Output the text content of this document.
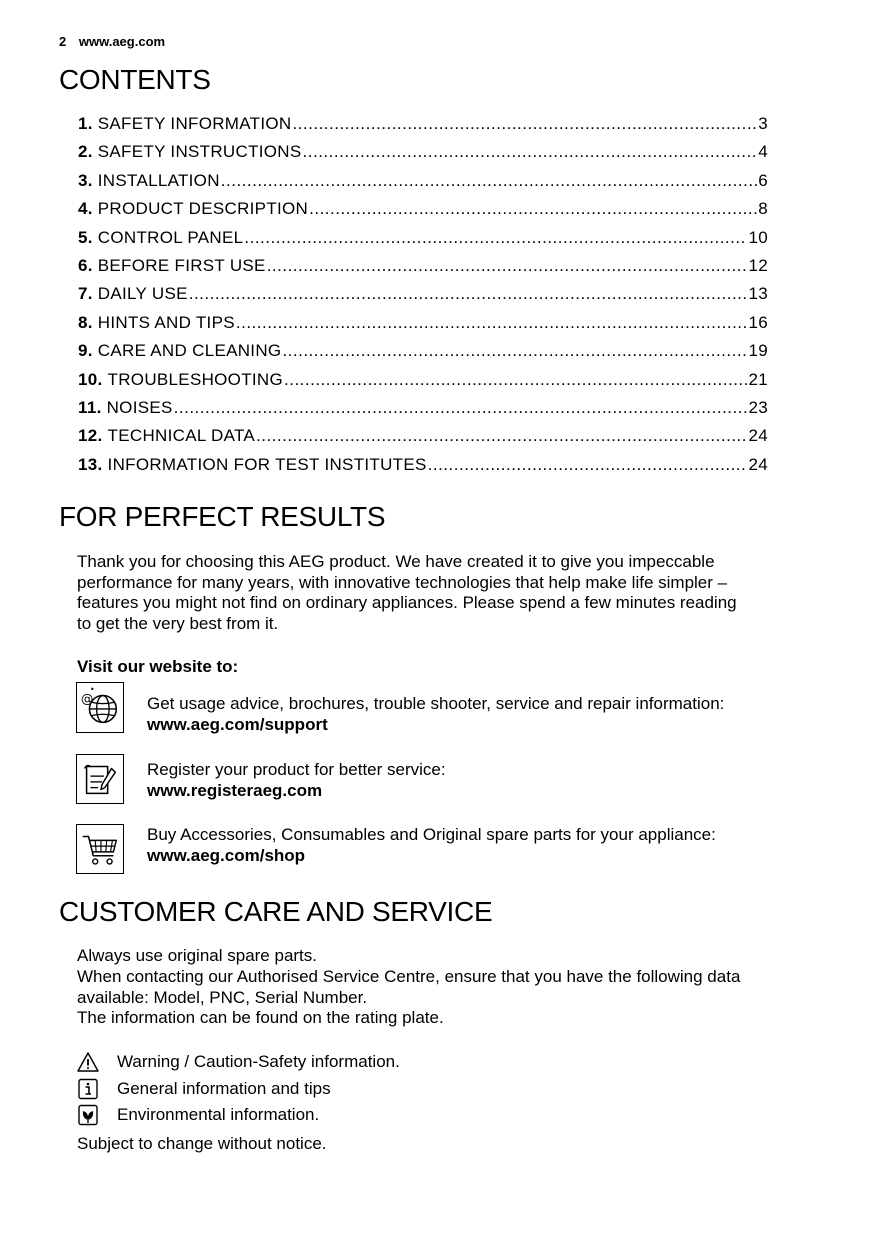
2 www.aeg.com
CONTENTS
1. SAFETY INFORMATION .....	3
2. SAFETY INSTRUCTIONS .....	4
3. INSTALLATION .....	6
4. PRODUCT DESCRIPTION .....	8
5. CONTROL PANEL .....	10
6. BEFORE FIRST USE .....	12
7. DAILY USE .....	13
8. HINTS AND TIPS .....	16
9. CARE AND CLEANING .....	19
10. TROUBLESHOOTING .....	21
11. NOISES .....	23
12. TECHNICAL DATA .....	24
13. INFORMATION FOR TEST INSTITUTES .....	24
FOR PERFECT RESULTS
Thank you for choosing this AEG product. We have created it to give you impeccable
performance for many years, with innovative technologies that help make life simpler –
features you might not find on ordinary appliances. Please spend a few minutes reading
to get the very best from it.
Visit our website to:
@	Get usage advice, brochures, trouble shooter, service and repair information:
www.aeg.com/support
Register your product for better service:
www.registeraeg.com
Buy Accessories, Consumables and Original spare parts for your appliance:
www.aeg.com/shop
CUSTOMER CARE AND SERVICE
Always use original spare parts.
When contacting our Authorised Service Centre, ensure that you have the following data
available: Model, PNC, Serial Number.
The information can be found on the rating plate.
Warning / Caution-Safety information.
General information and tips
Environmental information.
Subject to change without notice.
